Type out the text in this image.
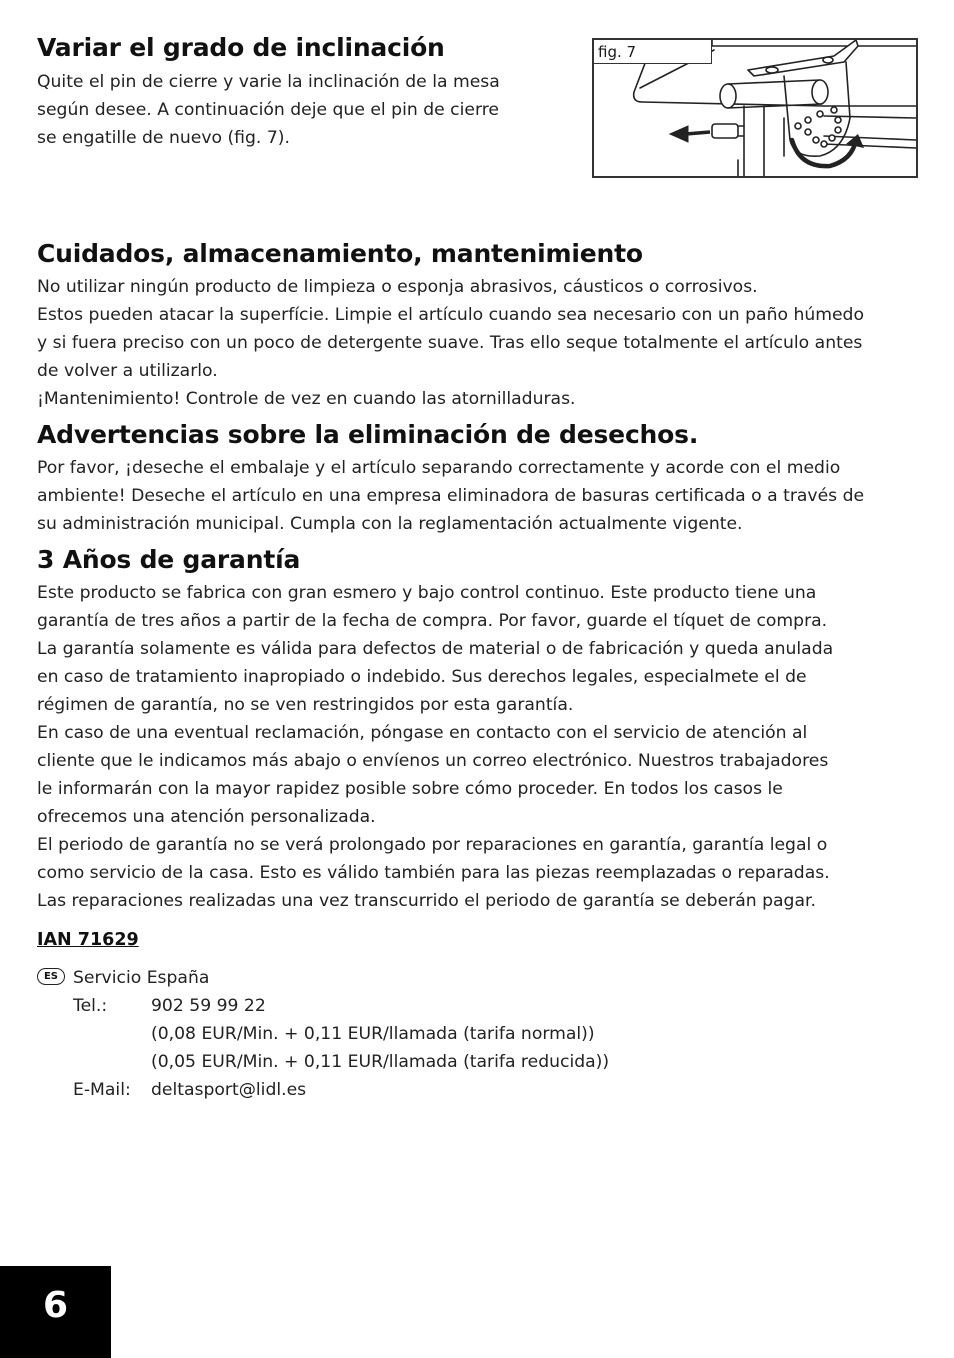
Variar el grado de inclinación
Quite el pin de cierre y varie la inclinación de la mesa
según desee. A continuación deje que el pin de cierre
se engatille de nuevo (fig. 7).
fig. 7
Cuidados, almacenamiento, mantenimiento
No utilizar ningún producto de limpieza o esponja abrasivos, cáusticos o corrosivos.
Estos pueden atacar la superfície. Limpie el artículo cuando sea necesario con un paño húmedo
y si fuera preciso con un poco de detergente suave. Tras ello seque totalmente el artículo antes
de volver a utilizarlo.
¡Mantenimiento! Controle de vez en cuando las atornilladuras.
Advertencias sobre la eliminación de desechos.
Por favor, ¡deseche el embalaje y el artículo separando correctamente y acorde con el medio
ambiente! Deseche el artículo en una empresa eliminadora de basuras certificada o a través de
su administración municipal. Cumpla con la reglamentación actualmente vigente.
3 Años de garantía
Este producto se fabrica con gran esmero y bajo control continuo. Este producto tiene una
garantía de tres años a partir de la fecha de compra. Por favor, guarde el tíquet de compra.
La garantía solamente es válida para defectos de material o de fabricación y queda anulada
en caso de tratamiento inapropiado o indebido. Sus derechos legales, especialmete el de
régimen de garantía, no se ven restringidos por esta garantía.
En caso de una eventual reclamación, póngase en contacto con el servicio de atención al
cliente que le indicamos más abajo o envíenos un correo electrónico. Nuestros trabajadores
le informarán con la mayor rapidez posible sobre cómo proceder. En todos los casos le
ofrecemos una atención personalizada.
El periodo de garantía no se verá prolongado por reparaciones en garantía, garantía legal o
como servicio de la casa. Esto es válido también para las piezas reemplazadas o reparadas.
Las reparaciones realizadas una vez transcurrido el periodo de garantía se deberán pagar.
IAN 71629
ES Servicio España
Tel.:	902 59 99 22
(0,08 EUR/Min. + 0,11 EUR/llamada (tarifa normal))
(0,05 EUR/Min. + 0,11 EUR/llamada (tarifa reducida))
E-Mail: deltasport@lidl.es
6
